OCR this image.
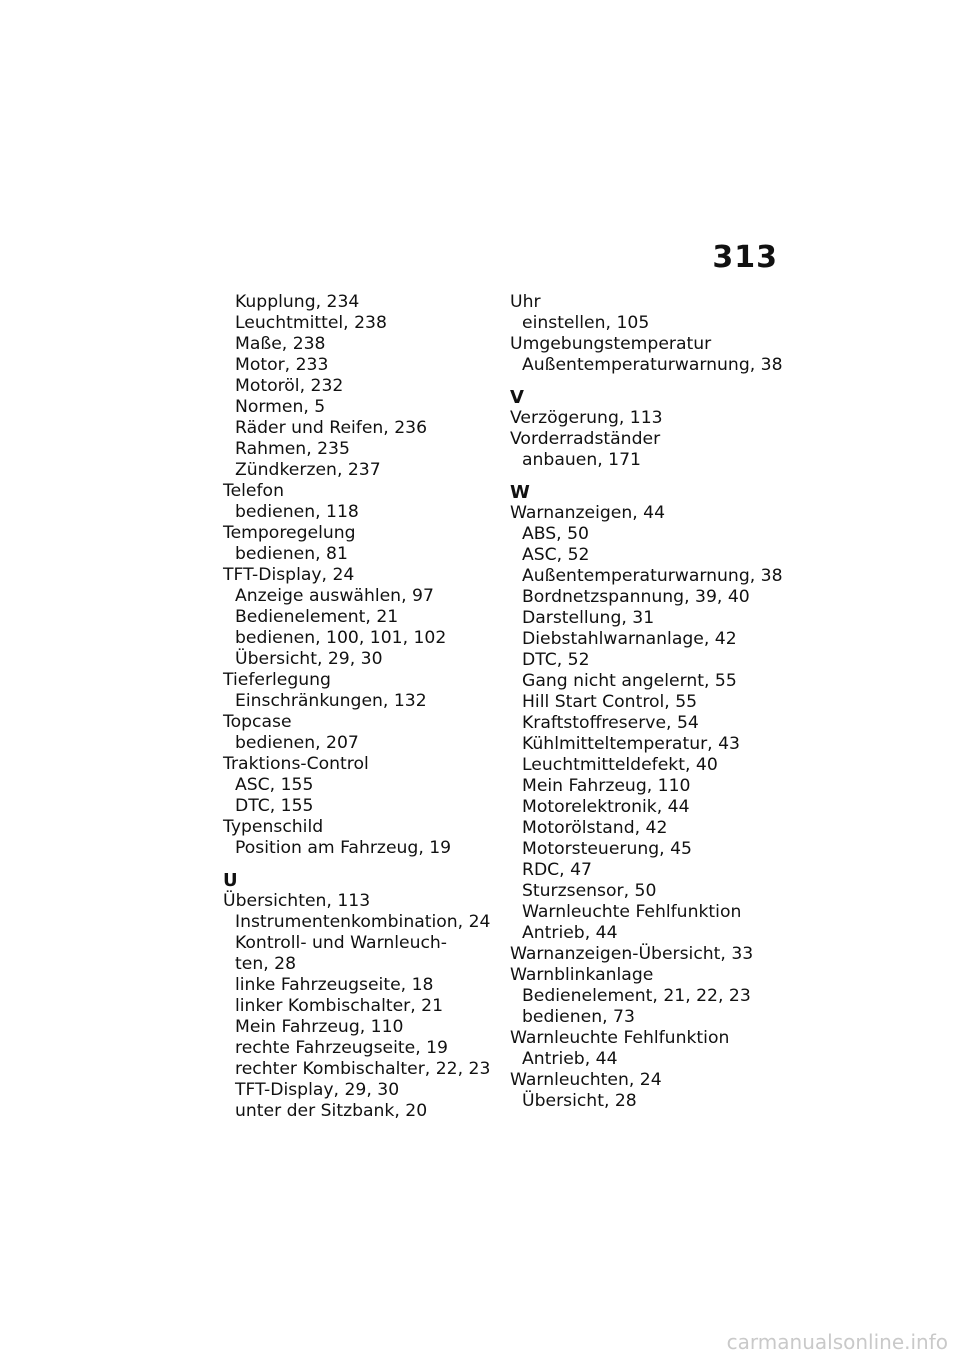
313
Kupplung, 234
Leuchtmittel, 238
Maße, 238
Motor, 233
Motoröl, 232
Normen, 5
Räder und Reifen, 236
Rahmen, 235
Zündkerzen, 237
Telefon
bedienen, 118
Temporegelung
bedienen, 81
TFT-Display, 24
Anzeige auswählen, 97
Bedienelement, 21
bedienen, 100, 101, 102
Übersicht, 29, 30
Tieferlegung
Einschränkungen, 132
Topcase
bedienen, 207
Traktions-Control
ASC, 155
DTC, 155
Typenschild
Position am Fahrzeug, 19
U
Übersichten, 113
Instrumentenkombination, 24
Kontroll- und Warnleuch-
ten, 28
linke Fahrzeugseite, 18
linker Kombischalter, 21
Mein Fahrzeug, 110
rechte Fahrzeugseite, 19
rechter Kombischalter, 22, 23
TFT-Display, 29, 30
unter der Sitzbank, 20
Uhr
einstellen, 105
Umgebungstemperatur
Außentemperaturwarnung, 38
V
Verzögerung, 113
Vorderradständer
anbauen, 171
W
Warnanzeigen, 44
ABS, 50
ASC, 52
Außentemperaturwarnung, 38
Bordnetzspannung, 39, 40
Darstellung, 31
Diebstahlwarnanlage, 42
DTC, 52
Gang nicht angelernt, 55
Hill Start Control, 55
Kraftstoffreserve, 54
Kühlmitteltemperatur, 43
Leuchtmitteldefekt, 40
Mein Fahrzeug, 110
Motorelektronik, 44
Motorölstand, 42
Motorsteuerung, 45
RDC, 47
Sturzsensor, 50
Warnleuchte Fehlfunktion
Antrieb, 44
Warnanzeigen-Übersicht, 33
Warnblinkanlage
Bedienelement, 21, 22, 23
bedienen, 73
Warnleuchte Fehlfunktion
Antrieb, 44
Warnleuchten, 24
Übersicht, 28
carmanualsonline.info
